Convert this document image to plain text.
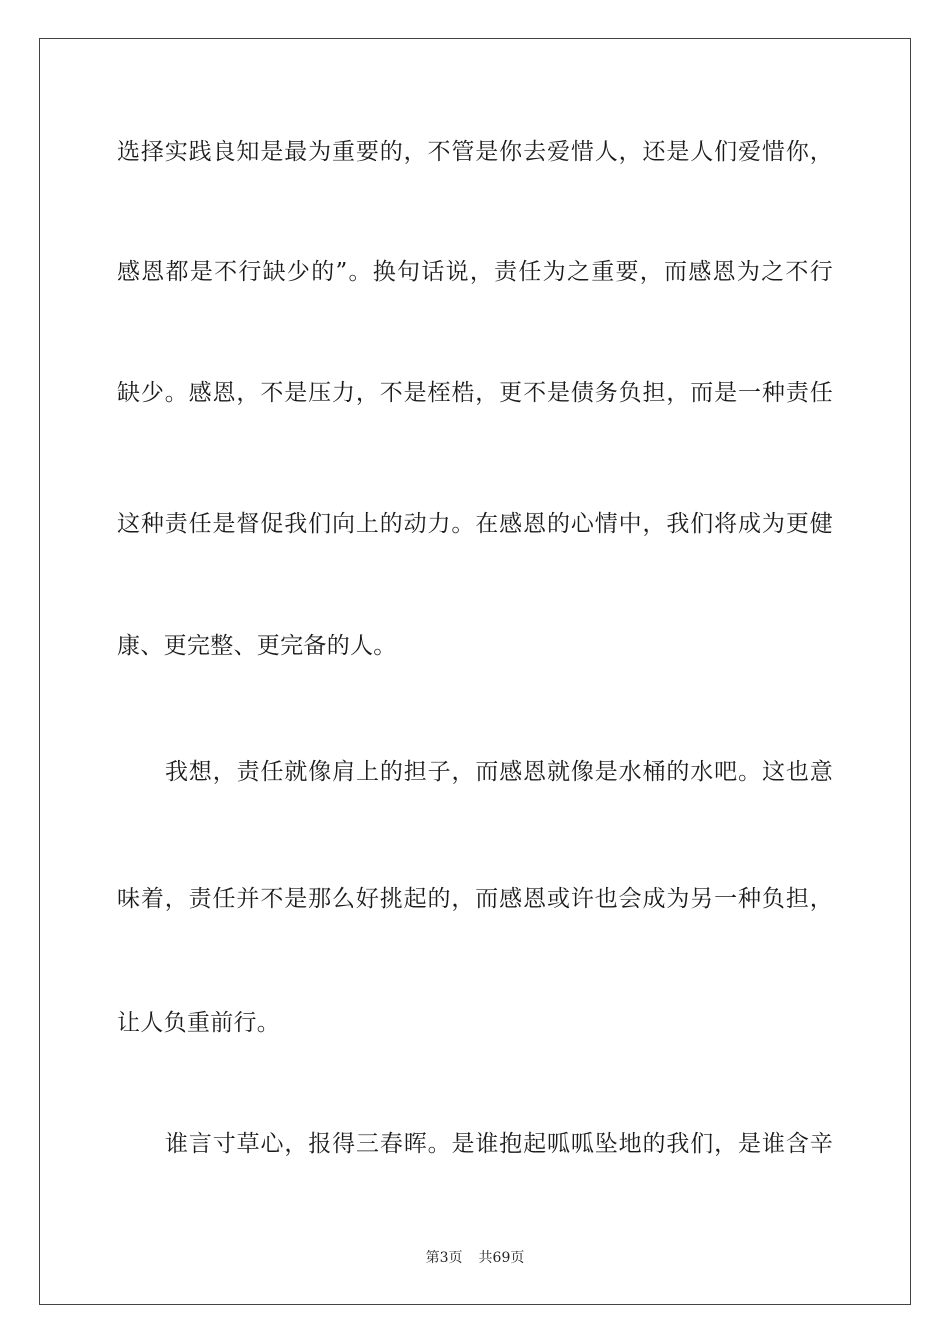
选择实践良知是最为重要的，不管是你去爱惜人，还是人们爱惜你，
感恩都是不行缺少的”。换句话说，责任为之重要，而感恩为之不行
缺少。感恩，不是压力，不是桎梏，更不是债务负担，而是一种责任
这种责任是督促我们向上的动力。在感恩的心情中，我们将成为更健
康、更完整、更完备的人。
我想，责任就像肩上的担子，而感恩就像是水桶的水吧。这也意
味着，责任并不是那么好挑起的，而感恩或许也会成为另一种负担，
让人负重前行。
谁言寸草心，报得三春晖。是谁抱起呱呱坠地的我们，是谁含辛
第3页 共69页
